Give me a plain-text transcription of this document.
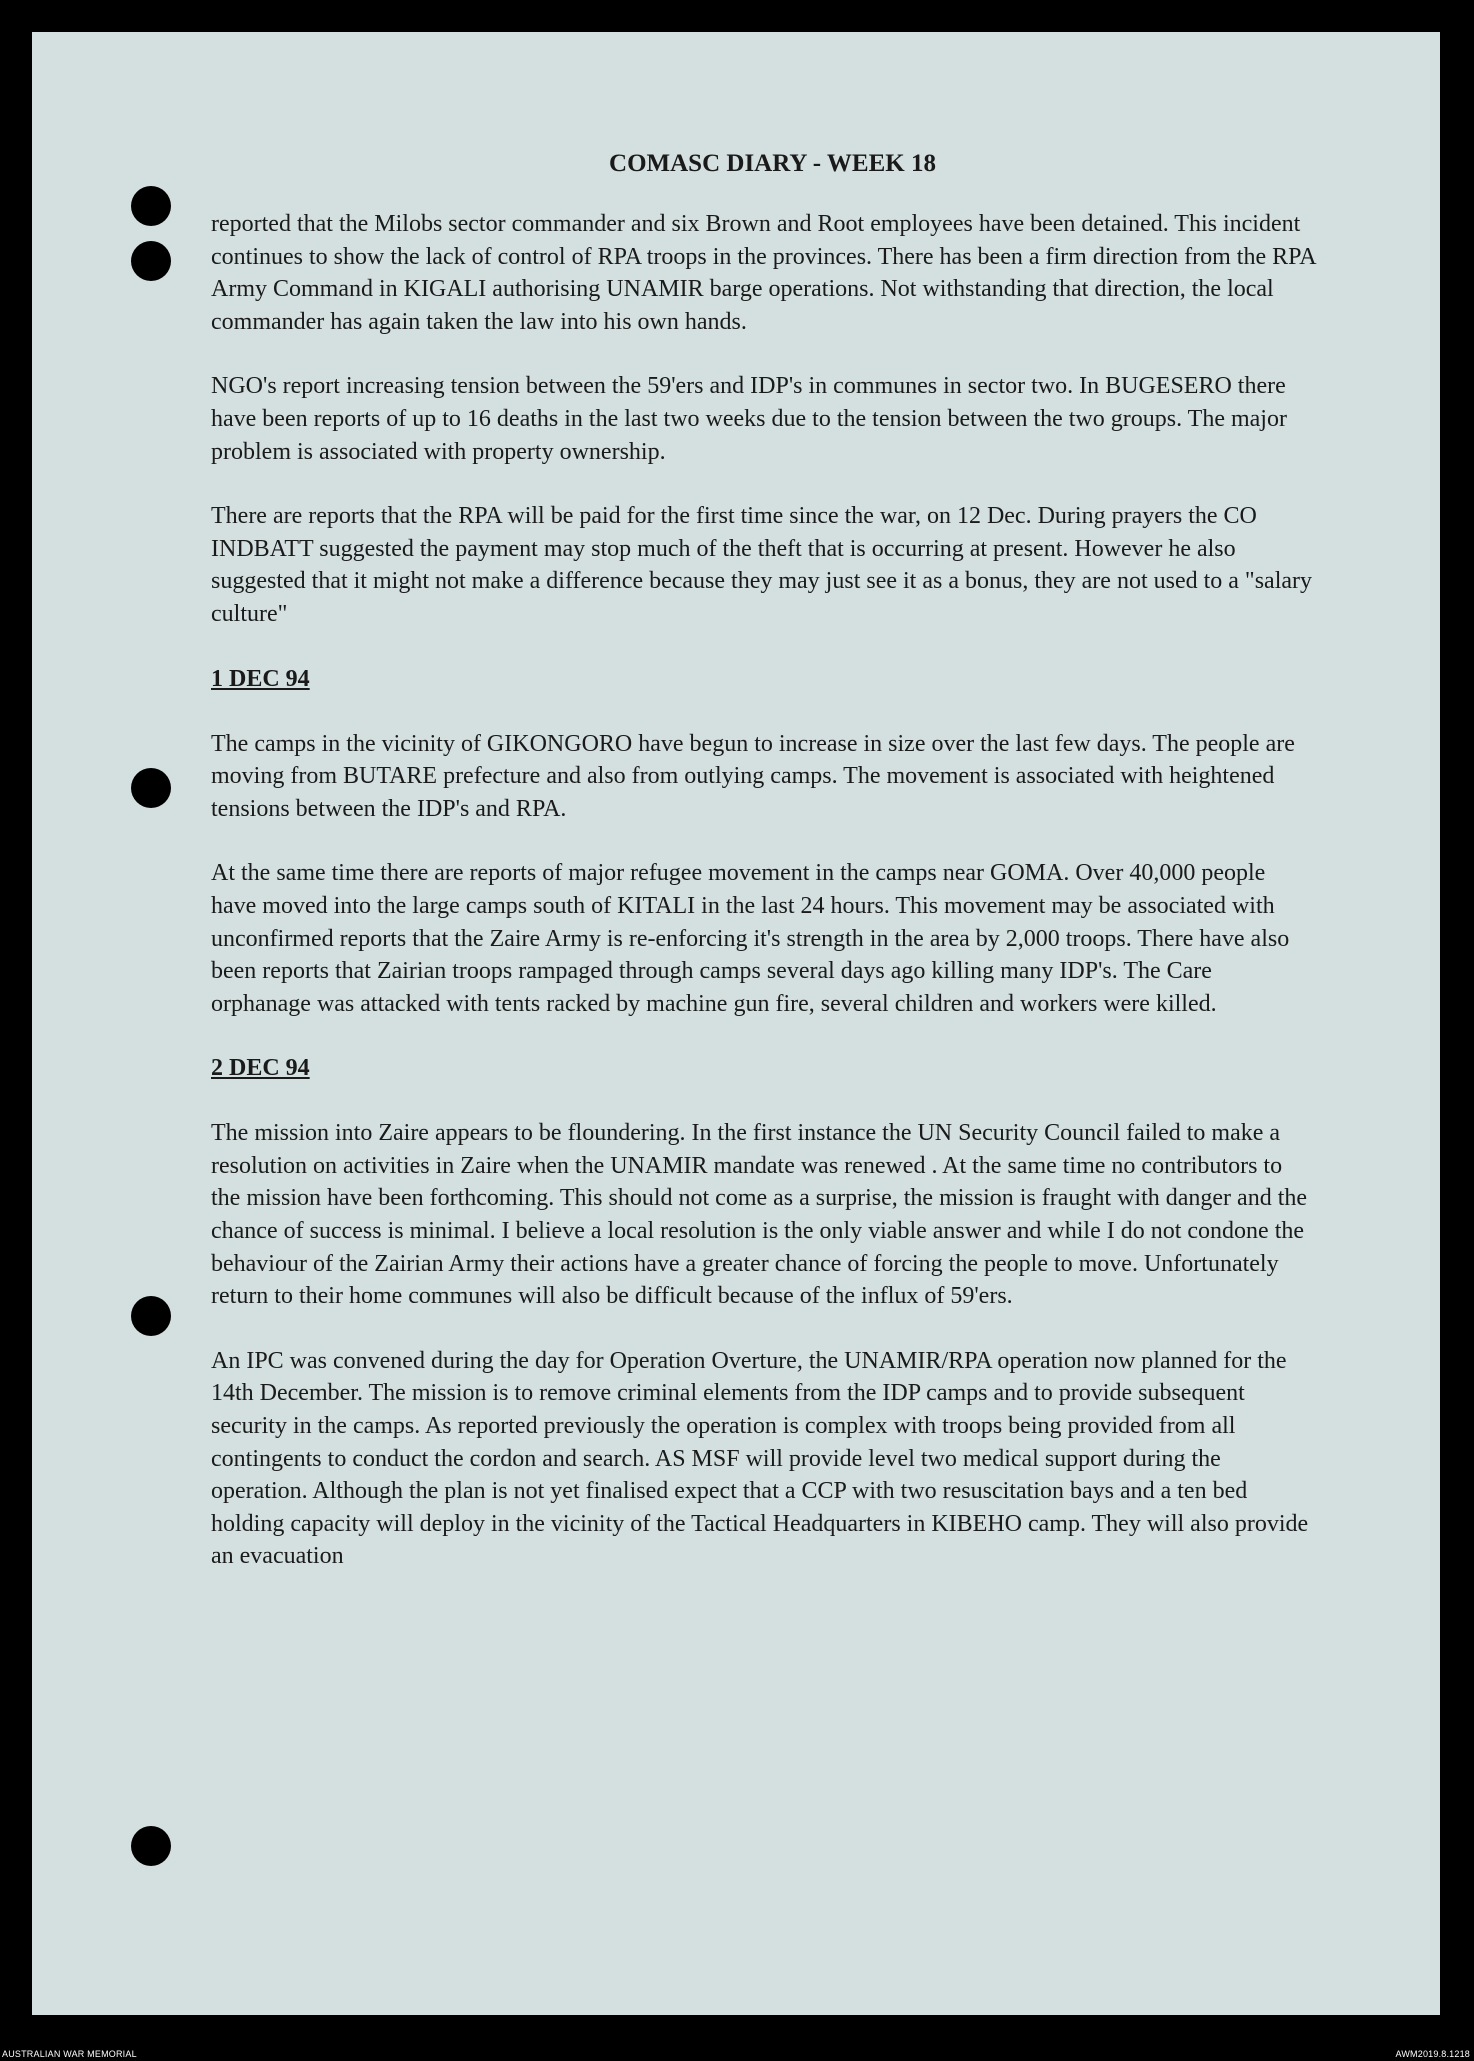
COMASC DIARY - WEEK 18

reported that the Milobs sector commander and six Brown and Root employees have been detained. This incident continues to show the lack of control of RPA troops in the provinces. There has been a firm direction from the RPA Army Command in KIGALI authorising UNAMIR barge operations. Not withstanding that direction, the local commander has again taken the law into his own hands.

NGO's report increasing tension between the 59'ers and IDP's in communes in sector two. In BUGESERO there have been reports of up to 16 deaths in the last two weeks due to the tension between the two groups. The major problem is associated with property ownership.

There are reports that the RPA will be paid for the first time since the war, on 12 Dec. During prayers the CO INDBATT suggested the payment may stop much of the theft that is occurring at present. However he also suggested that it might not make a difference because they may just see it as a bonus, they are not used to a "salary culture"

1 DEC 94

The camps in the vicinity of GIKONGORO have begun to increase in size over the last few days. The people are moving from BUTARE prefecture and also from outlying camps. The movement is associated with heightened tensions between the IDP's and RPA.

At the same time there are reports of major refugee movement in the camps near GOMA. Over 40,000 people have moved into the large camps south of KITALI in the last 24 hours. This movement may be associated with unconfirmed reports that the Zaire Army is re-enforcing it's strength in the area by 2,000 troops. There have also been reports that Zairian troops rampaged through camps several days ago killing many IDP's. The Care orphanage was attacked with tents racked by machine gun fire, several children and workers were killed.

2 DEC 94

The mission into Zaire appears to be floundering. In the first instance the UN Security Council failed to make a resolution on activities in Zaire when the UNAMIR mandate was renewed . At the same time no contributors to the mission have been forthcoming. This should not come as a surprise, the mission is fraught with danger and the chance of success is minimal. I believe a local resolution is the only viable answer and while I do not condone the behaviour of the Zairian Army their actions have a greater chance of forcing the people to move. Unfortunately return to their home communes will also be difficult because of the influx of 59'ers.

An IPC was convened during the day for Operation Overture, the UNAMIR/RPA operation now planned for the 14th December. The mission is to remove criminal elements from the IDP camps and to provide subsequent security in the camps. As reported previously the operation is complex with troops being provided from all contingents to conduct the cordon and search. AS MSF will provide level two medical support during the operation. Although the plan is not yet finalised expect that a CCP with two resuscitation bays and a ten bed holding capacity will deploy in the vicinity of the Tactical Headquarters in KIBEHO camp. They will also provide an evacuation

AUSTRALIAN WAR MEMORIAL	AWM2019.8.1218
